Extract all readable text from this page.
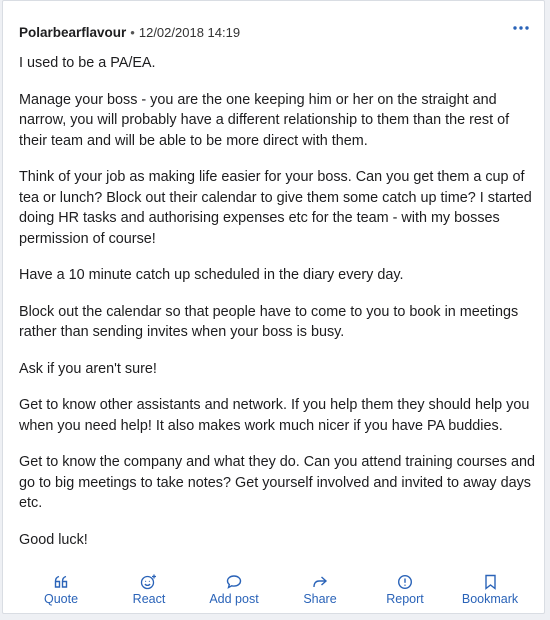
Polarbearflavour • 12/02/2018 14:19

I used to be a PA/EA.

Manage your boss - you are the one keeping him or her on the straight and narrow, you will probably have a different relationship to them than the rest of their team and will be able to be more direct with them.

Think of your job as making life easier for your boss. Can you get them a cup of tea or lunch? Block out their calendar to give them some catch up time? I started doing HR tasks and authorising expenses etc for the team - with my bosses permission of course!

Have a 10 minute catch up scheduled in the diary every day.

Block out the calendar so that people have to come to you to book in meetings rather than sending invites when your boss is busy.

Ask if you aren't sure!

Get to know other assistants and network. If you help them they should help you when you need help! It also makes work much nicer if you have PA buddies.

Get to know the company and what they do. Can you attend training courses and go to big meetings to take notes? Get yourself involved and invited to away days etc.

Good luck!

Quote	React	Add post	Share	Report	Bookmark
